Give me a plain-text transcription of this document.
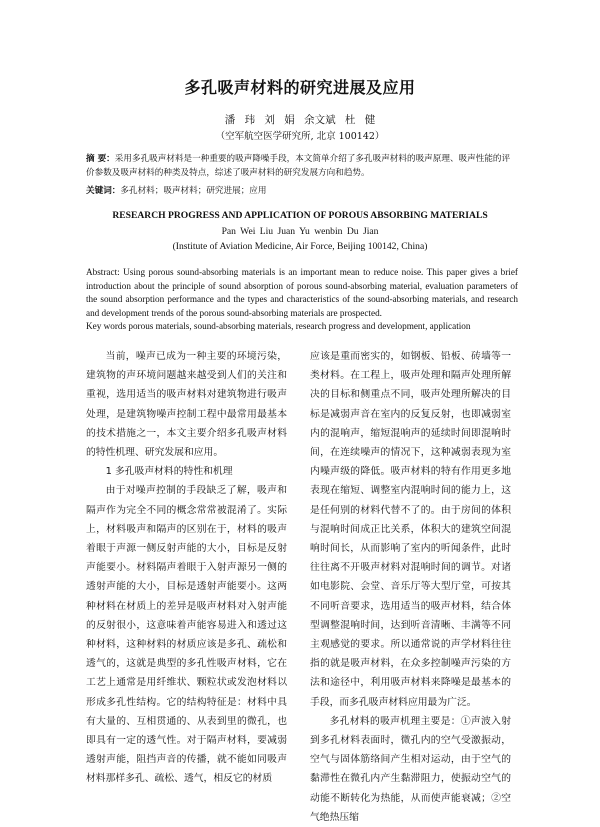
多孔吸声材料的研究进展及应用
潘 玮 刘 娟 余文斌 杜 健
（空军航空医学研究所, 北京 100142）
摘 要：采用多孔吸声材料是一种重要的吸声降噪手段，本文简单介绍了多孔吸声材料的吸声原理、吸声性能的评价参数及吸声材料的种类及特点，综述了吸声材料的研究发展方向和趋势。
关键词：多孔材料；吸声材料；研究进展；应用
RESEARCH PROGRESS AND APPLICATION OF POROUS ABSORBING MATERIALS
Pan Wei Liu Juan Yu wenbin Du Jian
(Institute of Aviation Medicine, Air Force, Beijing 100142, China)

Abstract: Using porous sound-absorbing materials is an important mean to reduce noise. This paper gives a brief introduction about the principle of sound absorption of porous sound-absorbing material, evaluation parameters of the sound absorption performance and the types and characteristics of the sound-absorbing materials, and research and development trends of the porous sound-absorbing materials are prospected.

Key words porous materials, sound-absorbing materials, research progress and development, application

当前，噪声已成为一种主要的环境污染，建筑物的声环境问题越来越受到人们的关注和重视，选用适当的吸声材料对建筑物进行吸声处理，是建筑物噪声控制工程中最常用最基本的技术措施之一，本文主要介绍多孔吸声材料的特性机理、研究发展和应用。

1 多孔吸声材料的特性和机理

由于对噪声控制的手段缺乏了解，吸声和隔声作为完全不同的概念常常被混淆了。实际上，材料吸声和隔声的区别在于，材料的吸声着眼于声源一侧反射声能的大小，目标是反射声能要小。材料隔声着眼于入射声源另一侧的透射声能的大小，目标是透射声能要小。这两种材料在材质上的差异是吸声材料对入射声能的反射很小，这意味着声能容易进入和透过这种材料，这种材料的材质应该是多孔、疏松和透气的，这就是典型的多孔性吸声材料，它在工艺上通常是用纤维状、颗粒状或发泡材料以形成多孔性结构。它的结构特征是：材料中具有大量的、互相贯通的、从表到里的微孔，也即具有一定的透气性。对于隔声材料，要减弱透射声能，阻挡声音的传播，就不能如同吸声材料那样多孔、疏松、透气，相反它的材质

应该是重而密实的，如钢板、铅板、砖墙等一类材料。在工程上，吸声处理和隔声处理所解决的目标和侧重点不同，吸声处理所解决的目标是减弱声音在室内的反复反射，也即减弱室内的混响声，缩短混响声的延续时间即混响时间，在连续噪声的情况下，这种减弱表现为室内噪声级的降低。吸声材料的特有作用更多地表现在缩短、调整室内混响时间的能力上，这是任何别的材料代替不了的。由于房间的体积与混响时间成正比关系，体积大的建筑空间混响时间长，从而影响了室内的听闻条件，此时往往离不开吸声材料对混响时间的调节。对诸如电影院、会堂、音乐厅等大型厅堂，可按其不同听音要求，选用适当的吸声材料，结合体型调整混响时间，达到听音清晰、丰满等不同主观感觉的要求。所以通常说的声学材料往往指的就是吸声材料，在众多控制噪声污染的方法和途径中，利用吸声材料来降噪是最基本的手段，而多孔吸声材料应用最为广泛。

多孔材料的吸声机理主要是：①声波入射到多孔材料表面时，微孔内的空气受激振动，空气与固体筋络间产生相对运动，由于空气的黏滞性在微孔内产生黏滞阻力，使振动空气的动能不断转化为热能，从而使声能衰减；②空气绝热压缩
